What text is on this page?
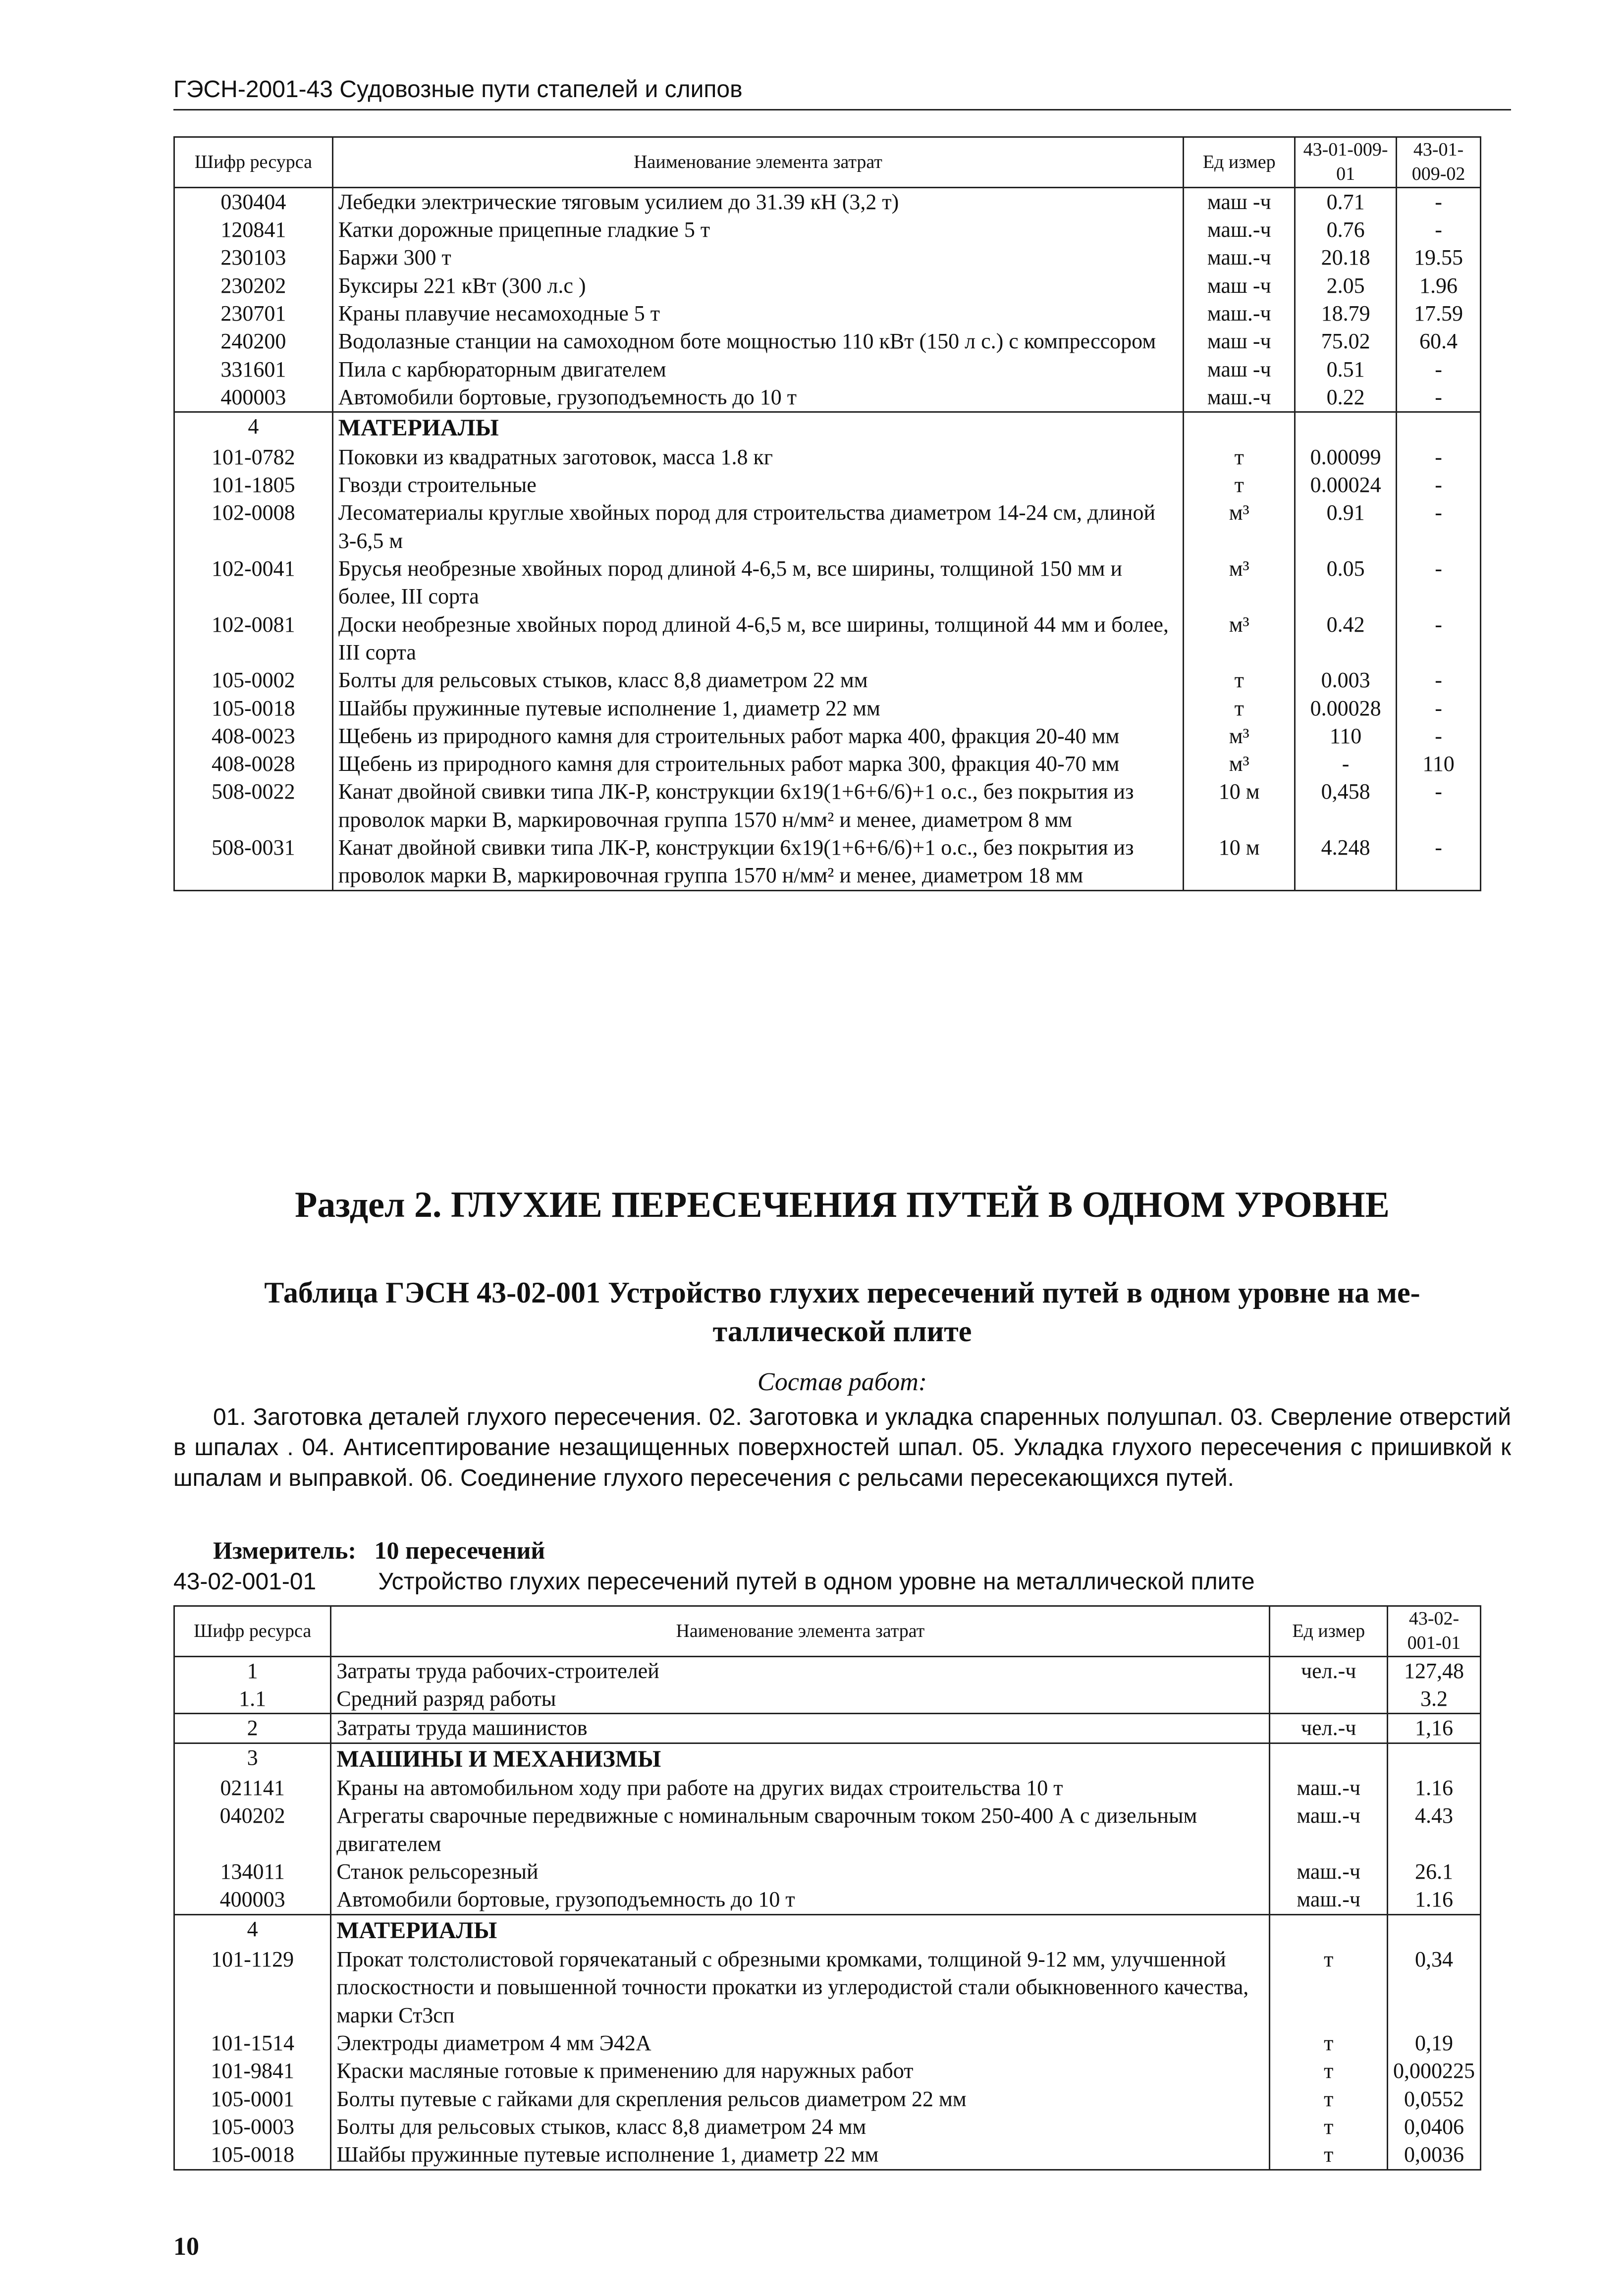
ГЭСН-2001-43 Судовозные пути стапелей и слипов
Шифр ресурса	Наименование элемента затрат	Ед измер	43-01-009-01	43-01-009-02
030404	Лебедки электрические тяговым усилием до 31.39 кН (3,2 т)	маш -ч	0.71	-
120841	Катки дорожные прицепные гладкие 5 т	маш.-ч	0.76	-
230103	Баржи 300 т	маш.-ч	20.18	19.55
230202	Буксиры 221 кВт (300 л.с )	маш -ч	2.05	1.96
230701	Краны плавучие несамоходные 5 т	маш.-ч	18.79	17.59
240200	Водолазные станции на самоходном боте мощностью 110 кВт (150 л с.) с компрессором	маш -ч	75.02	60.4
331601	Пила с карбюраторным двигателем	маш -ч	0.51	-
400003	Автомобили бортовые, грузоподъемность до 10 т	маш.-ч	0.22	-
4	МАТЕРИАЛЫ			
101-0782	Поковки из квадратных заготовок, масса 1.8 кг	т	0.00099	-
101-1805	Гвозди строительные	т	0.00024	-
102-0008	Лесоматериалы круглые хвойных пород для строительства диаметром 14-24 см, длиной 3-6,5 м	м³	0.91	-
102-0041	Брусья необрезные хвойных пород длиной 4-6,5 м, все ширины, толщиной 150 мм и более, III сорта	м³	0.05	-
102-0081	Доски необрезные хвойных пород длиной 4-6,5 м, все ширины, толщиной 44 мм и более, III сорта	м³	0.42	-
105-0002	Болты для рельсовых стыков, класс 8,8 диаметром 22 мм	т	0.003	-
105-0018	Шайбы пружинные путевые исполнение 1, диаметр 22 мм	т	0.00028	-
408-0023	Щебень из природного камня для строительных работ марка 400, фракция 20-40 мм	м³	110	-
408-0028	Щебень из природного камня для строительных работ марка 300, фракция 40-70 мм	м³	-	110
508-0022	Канат двойной свивки типа ЛК-Р, конструкции 6x19(1+6+6/6)+1 о.с., без покрытия из проволок марки В, маркировочная группа 1570 н/мм² и менее, диаметром 8 мм	10 м	0,458	-
508-0031	Канат двойной свивки типа ЛК-Р, конструкции 6x19(1+6+6/6)+1 о.с., без покрытия из проволок марки В, маркировочная группа 1570 н/мм² и менее, диаметром 18 мм	10 м	4.248	-
Раздел 2. ГЛУХИЕ ПЕРЕСЕЧЕНИЯ ПУТЕЙ В ОДНОМ УРОВНЕ
Таблица ГЭСН 43-02-001 Устройство глухих пересечений путей в одном уровне на ме-
таллической плите
Состав работ:
01. Заготовка деталей глухого пересечения. 02. Заготовка и укладка спаренных полушпал. 03. Сверление отверстий в шпалах . 04. Антисептирование незащищенных поверхностей шпал. 05. Укладка глухого пересечения с пришивкой к шпалам и выправкой. 06. Соединение глухого пересечения с рельсами пересекающихся путей.
Измеритель: 10 пересечений
43-02-001-01	Устройство глухих пересечений путей в одном уровне на металлической плите
Шифр ресурса	Наименование элемента затрат	Ед измер	43-02-001-01
1	Затраты труда рабочих-строителей	чел.-ч	127,48
1.1	Средний разряд работы		3.2
2	Затраты труда машинистов	чел.-ч	1,16
3	МАШИНЫ И МЕХАНИЗМЫ		
021141	Краны на автомобильном ходу при работе на других видах строительства 10 т	маш.-ч	1.16
040202	Агрегаты сварочные передвижные с номинальным сварочным током 250-400 А с дизельным двигателем	маш.-ч	4.43
134011	Станок рельсорезный	маш.-ч	26.1
400003	Автомобили бортовые, грузоподъемность до 10 т	маш.-ч	1.16
4	МАТЕРИАЛЫ		
101-1129	Прокат толстолистовой горячекатаный с обрезными кромками, толщиной 9-12 мм, улучшенной плоскостности и повышенной точности прокатки из углеродистой стали обыкновенного качества, марки Ст3сп	т	0,34
101-1514	Электроды диаметром 4 мм Э42А	т	0,19
101-9841	Краски масляные готовые к применению для наружных работ	т	0,000225
105-0001	Болты путевые с гайками для скрепления рельсов диаметром 22 мм	т	0,0552
105-0003	Болты для рельсовых стыков, класс 8,8 диаметром 24 мм	т	0,0406
105-0018	Шайбы пружинные путевые исполнение 1, диаметр 22 мм	т	0,0036
10
